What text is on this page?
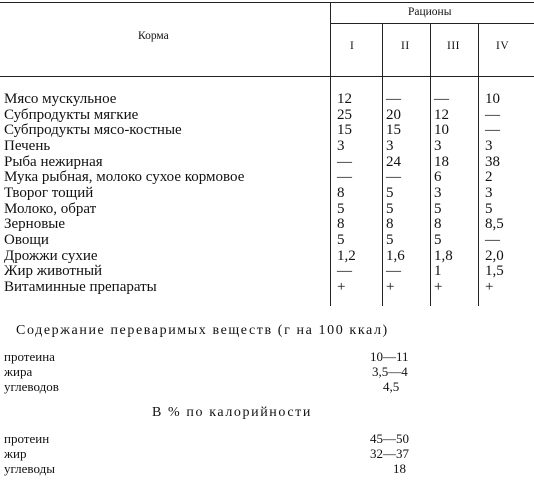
Корма
Рационы
I	II	III	IV
Мясо мускульное	12 — — 10
Субпродукты мягкие	25 20 12 —
Субпродукты мясо-костные	15 15 10 —
Печень	3	3	3	3
Рыба нежирная	— 24 18 38
Мука рыбная, молоко сухое кормовое	— — 6	2
Творог тощий	8	5	3	3
Молоко, обрат	5	5	5	5
Зерновые	8	8	8	8,5
Овощи	5	5	5	—
Дрожжи сухие	1,2 1,6 1,8 2,0
Жир животный	— — 1	1,5
Витаминные препараты	+	+	+	+
Содержание переваримых веществ (г на 100 ккал)
протеина	10—11
жира	3,5—4
углеводов	4,5
В % по калорийности
протеин	45—50
жир	32—37
углеводы	18
